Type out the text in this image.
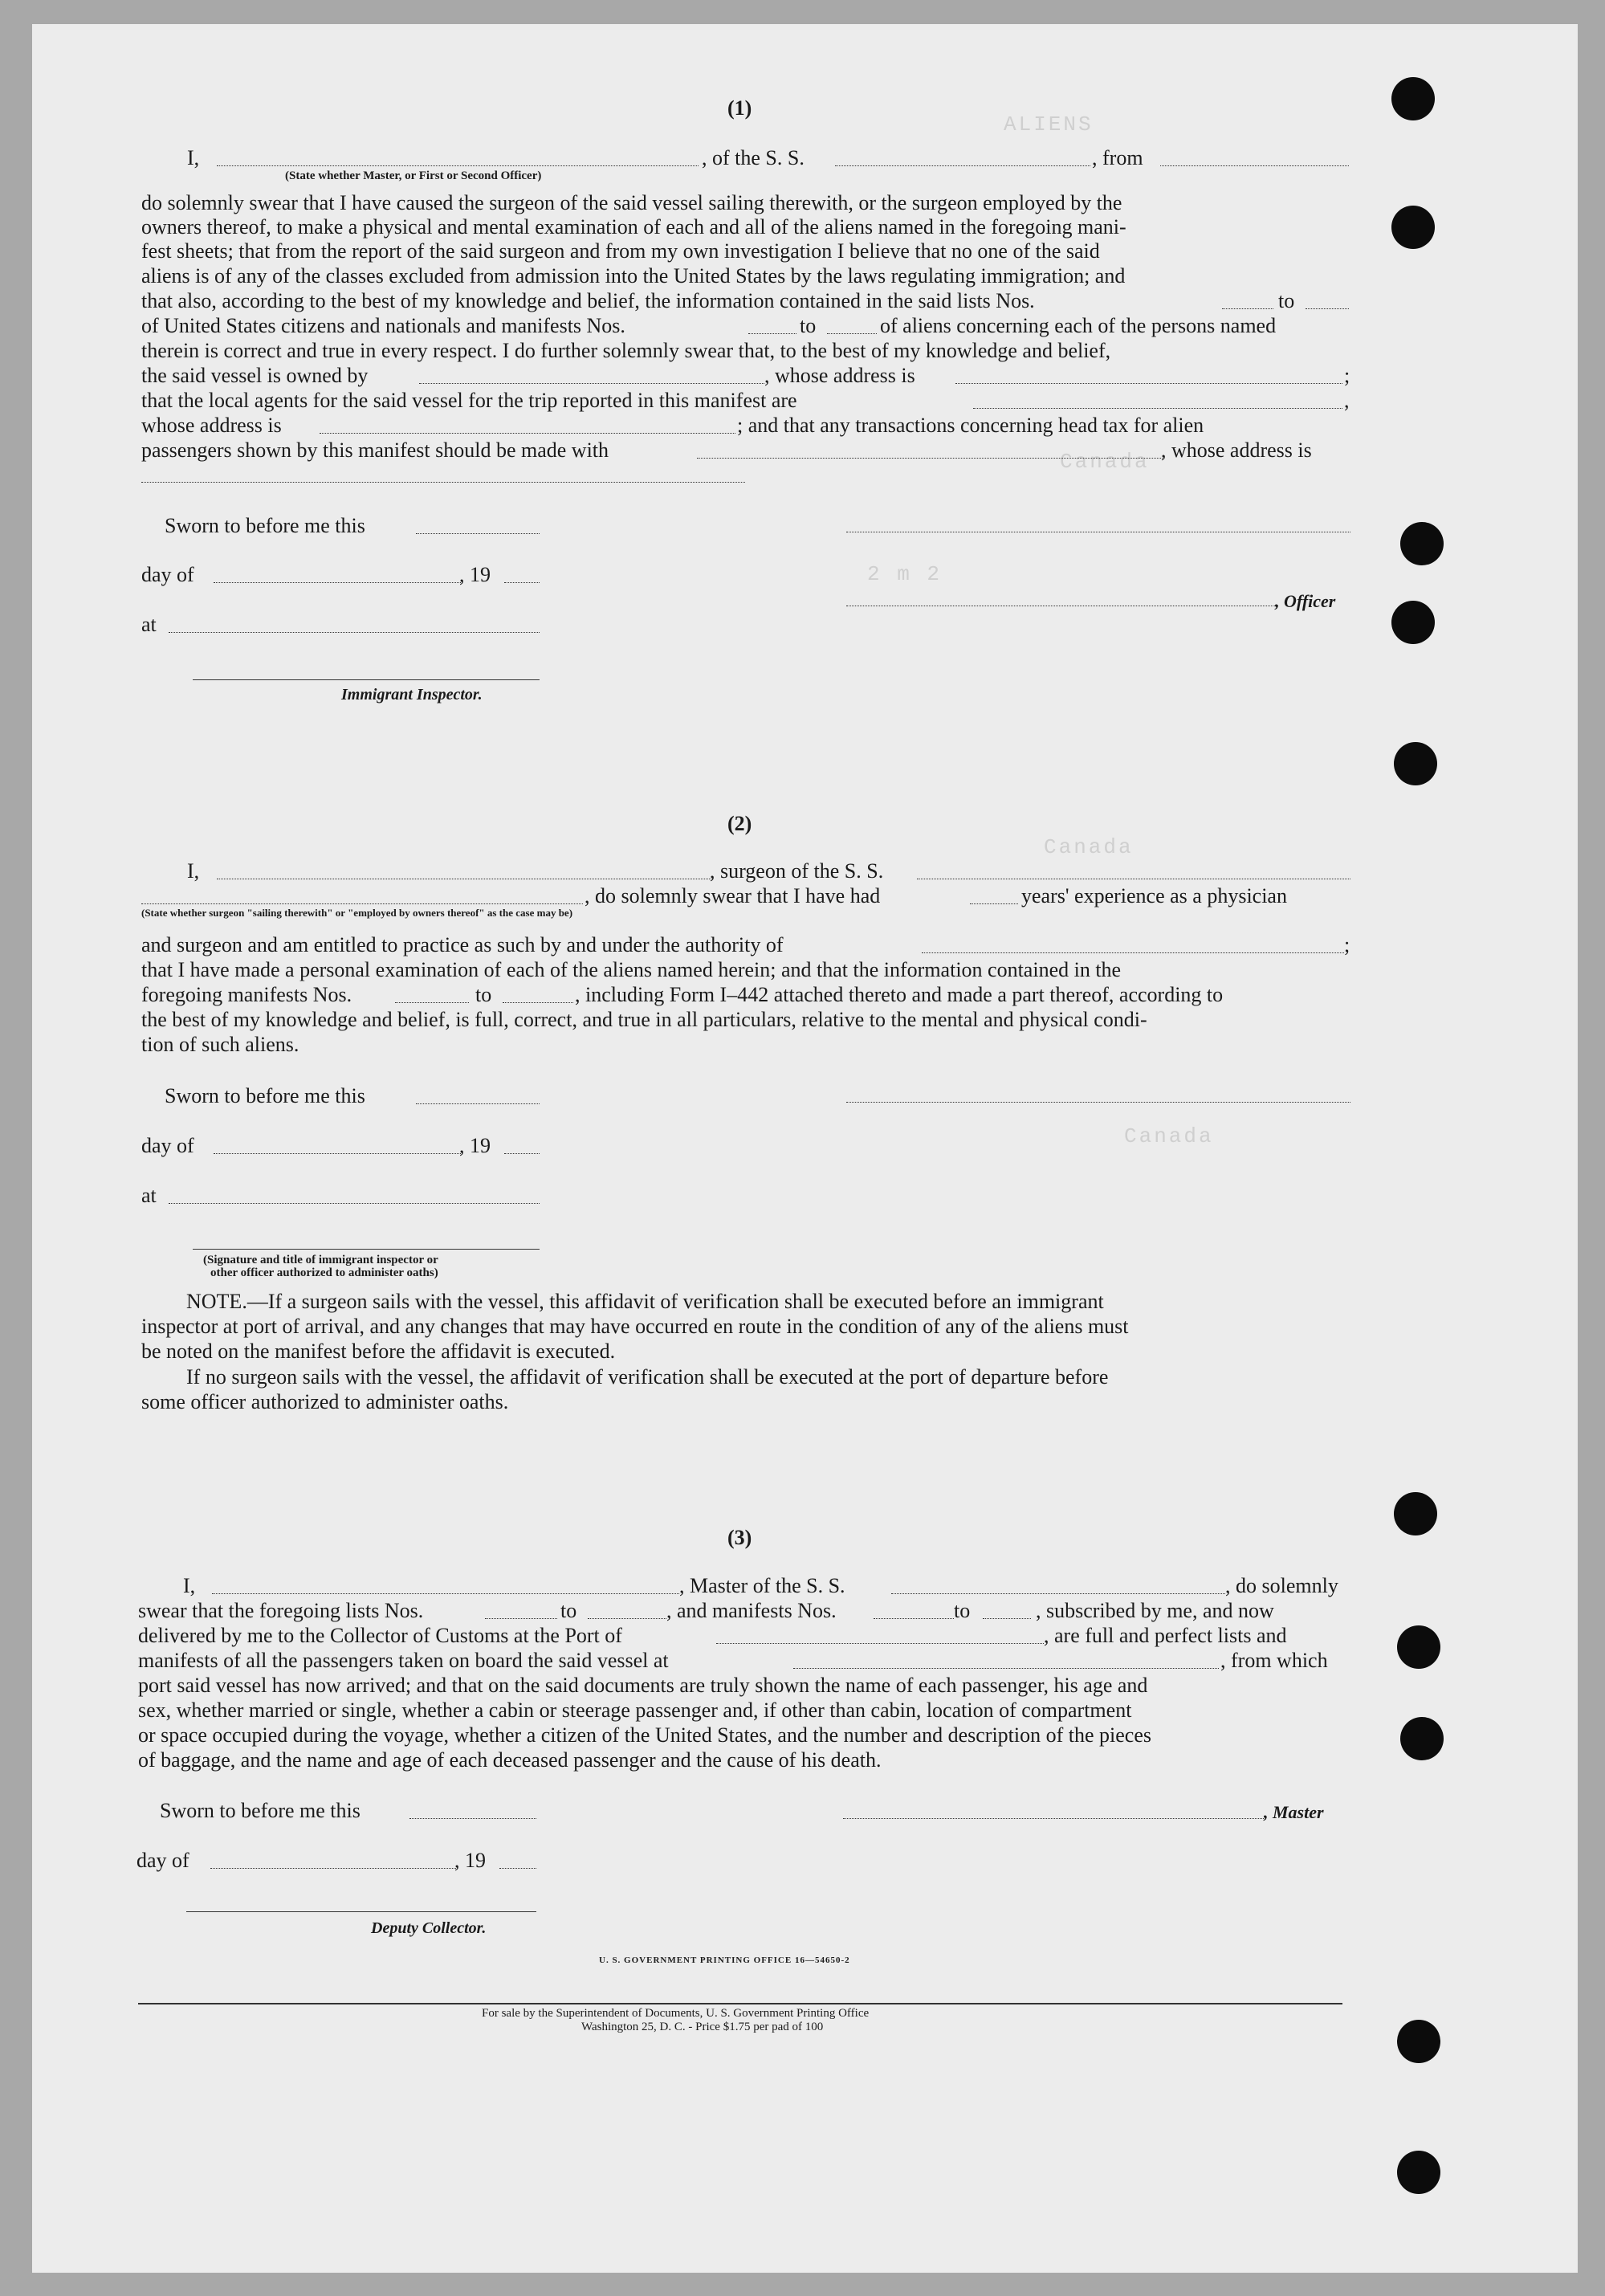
ALIENS
Canada
2 m 2
Canada
Canada
(1)
I,	, of the S. S.	, from
(State whether Master, or First or Second Officer)
do solemnly swear that I have caused the surgeon of the said vessel sailing therewith, or the surgeon employed by the
owners thereof, to make a physical and mental examination of each and all of the aliens named in the foregoing mani-
fest sheets; that from the report of the said surgeon and from my own investigation I believe that no one of the said
aliens is of any of the classes excluded from admission into the United States by the laws regulating immigration; and
that also, according to the best of my knowledge and belief, the information contained in the said lists Nos.	to
of United States citizens and nationals and manifests Nos.	to	of aliens concerning each of the persons named
therein is correct and true in every respect. I do further solemnly swear that, to the best of my knowledge and belief,
the said vessel is owned by	, whose address is	;
that the local agents for the said vessel for the trip reported in this manifest are	,
whose address is	; and that any transactions concerning head tax for alien
passengers shown by this manifest should be made with	, whose address is
Sworn to before me this
day of	, 19
, Officer
at
Immigrant Inspector.
(2)
I,	, surgeon of the S. S.
, do solemnly swear that I have had	years' experience as a physician
(State whether surgeon "sailing therewith" or "employed by owners thereof" as the case may be)
and surgeon and am entitled to practice as such by and under the authority of	;
that I have made a personal examination of each of the aliens named herein; and that the information contained in the
foregoing manifests Nos.	to	, including Form I–442 attached thereto and made a part thereof, according to
the best of my knowledge and belief, is full, correct, and true in all particulars, relative to the mental and physical condi-
tion of such aliens.
Sworn to before me this
day of	, 19
at
(Signature and title of immigrant inspector or
other officer authorized to administer oaths)
NOTE.—If a surgeon sails with the vessel, this affidavit of verification shall be executed before an immigrant
inspector at port of arrival, and any changes that may have occurred en route in the condition of any of the aliens must
be noted on the manifest before the affidavit is executed.
If no surgeon sails with the vessel, the affidavit of verification shall be executed at the port of departure before
some officer authorized to administer oaths.
(3)
I,	, Master of the S. S.	, do solemnly
swear that the foregoing lists Nos.	to	, and manifests Nos.	to	, subscribed by me, and now
delivered by me to the Collector of Customs at the Port of	, are full and perfect lists and
manifests of all the passengers taken on board the said vessel at	, from which
port said vessel has now arrived; and that on the said documents are truly shown the name of each passenger, his age and
sex, whether married or single, whether a cabin or steerage passenger and, if other than cabin, location of compartment
or space occupied during the voyage, whether a citizen of the United States, and the number and description of the pieces
of baggage, and the name and age of each deceased passenger and the cause of his death.
Sworn to before me this	, Master
day of	, 19
Deputy Collector.
U. S. GOVERNMENT PRINTING OFFICE 16—54650-2
For sale by the Superintendent of Documents, U. S. Government Printing Office
Washington 25, D. C. - Price $1.75 per pad of 100
